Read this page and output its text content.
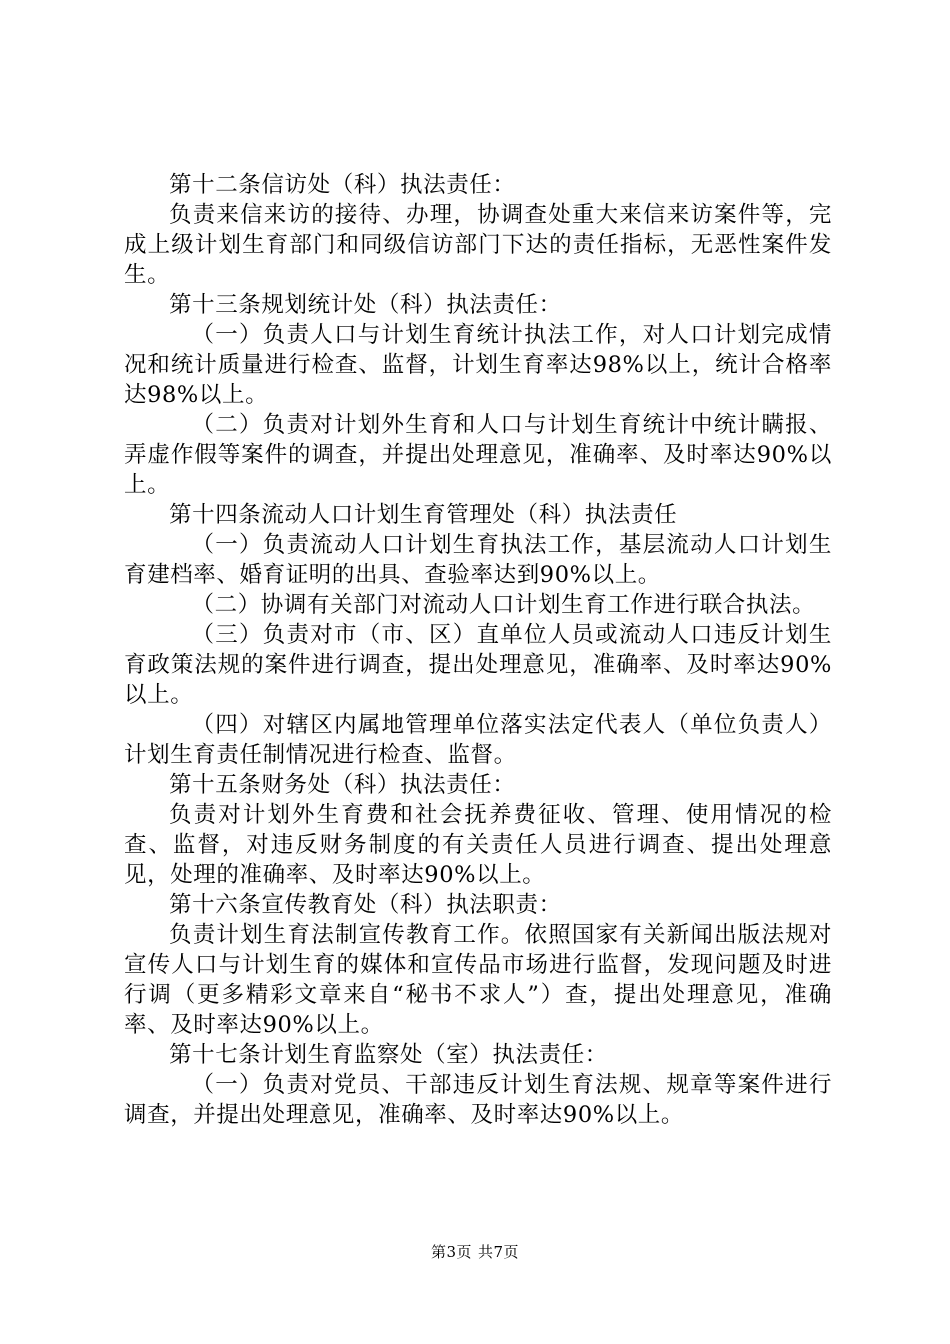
第十二条信访处（科）执法责任：

负责来信来访的接待、办理，协调查处重大来信来访案件等，完成上级计划生育部门和同级信访部门下达的责任指标，无恶性案件发生。

第十三条规划统计处（科）执法责任：

（一）负责人口与计划生育统计执法工作，对人口计划完成情况和统计质量进行检查、监督，计划生育率达98%以上，统计合格率达98%以上。

（二）负责对计划外生育和人口与计划生育统计中统计瞒报、弄虚作假等案件的调查，并提出处理意见，准确率、及时率达90%以上。

第十四条流动人口计划生育管理处（科）执法责任

（一）负责流动人口计划生育执法工作，基层流动人口计划生育建档率、婚育证明的出具、查验率达到90%以上。

（二）协调有关部门对流动人口计划生育工作进行联合执法。

（三）负责对市（市、区）直单位人员或流动人口违反计划生育政策法规的案件进行调查，提出处理意见，准确率、及时率达90%以上。

（四）对辖区内属地管理单位落实法定代表人（单位负责人）计划生育责任制情况进行检查、监督。

第十五条财务处（科）执法责任：

负责对计划外生育费和社会抚养费征收、管理、使用情况的检查、监督，对违反财务制度的有关责任人员进行调查、提出处理意见，处理的准确率、及时率达90%以上。

第十六条宣传教育处（科）执法职责：

负责计划生育法制宣传教育工作。依照国家有关新闻出版法规对宣传人口与计划生育的媒体和宣传品市场进行监督，发现问题及时进行调（更多精彩文章来自“秘书不求人”）查，提出处理意见，准确率、及时率达90%以上。

第十七条计划生育监察处（室）执法责任：

（一）负责对党员、干部违反计划生育法规、规章等案件进行调查，并提出处理意见，准确率、及时率达90%以上。

第3页 共7页
